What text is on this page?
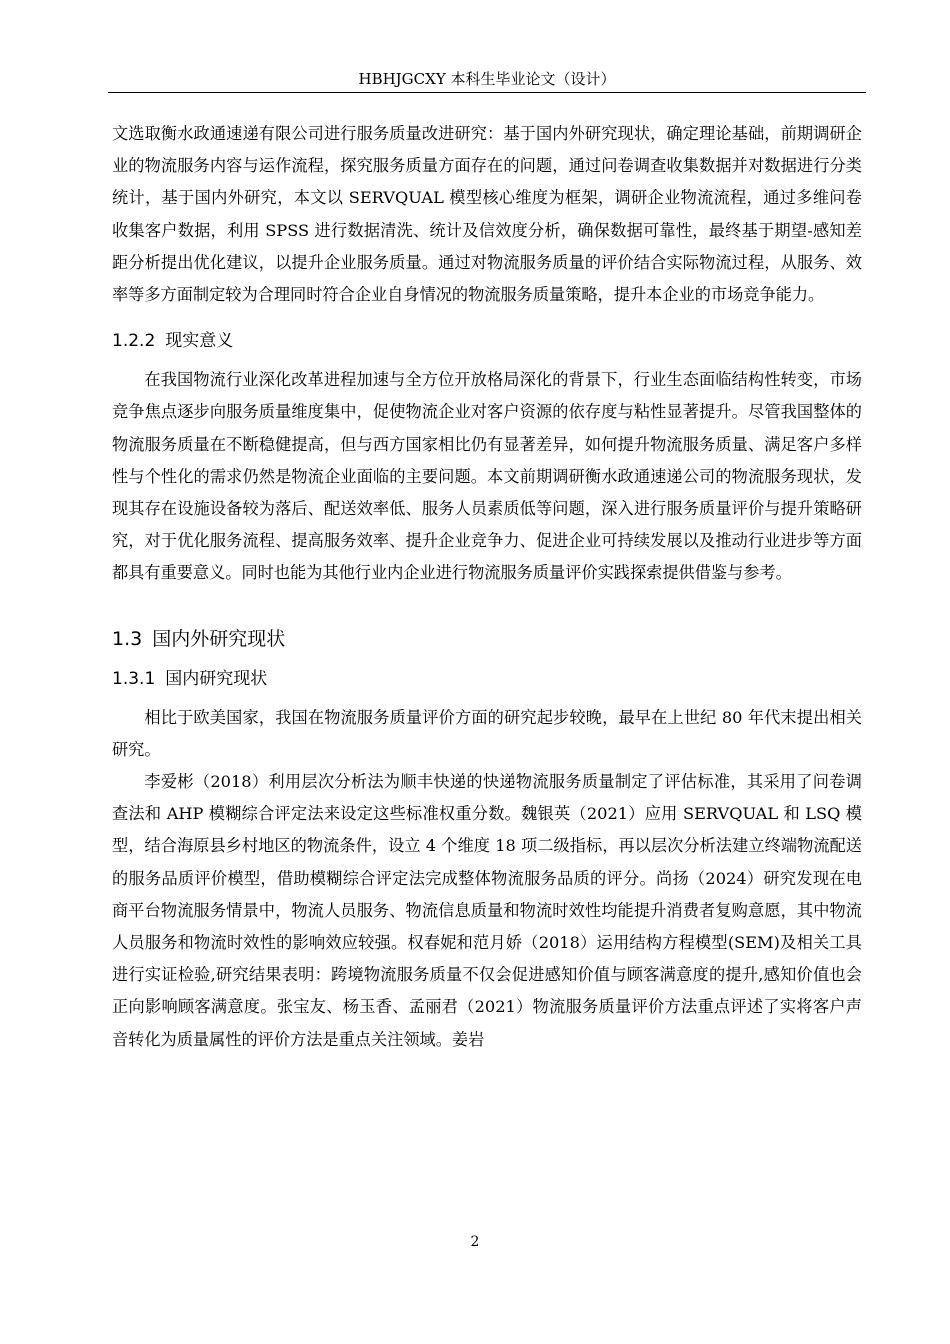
HBHJGCXY 本科生毕业论文（设计）

文选取衡水政通速递有限公司进行服务质量改进研究：基于国内外研究现状，确定理论基础，前期调研企业的物流服务内容与运作流程，探究服务质量方面存在的问题，通过问卷调查收集数据并对数据进行分类统计，基于国内外研究，本文以 SERVQUAL 模型核心维度为框架，调研企业物流流程，通过多维问卷收集客户数据，利用 SPSS 进行数据清洗、统计及信效度分析，确保数据可靠性，最终基于期望-感知差距分析提出优化建议，以提升企业服务质量。通过对物流服务质量的评价结合实际物流过程，从服务、效率等多方面制定较为合理同时符合企业自身情况的物流服务质量策略，提升本企业的市场竞争能力。

1.2.2 现实意义

在我国物流行业深化改革进程加速与全方位开放格局深化的背景下，行业生态面临结构性转变，市场竞争焦点逐步向服务质量维度集中，促使物流企业对客户资源的依存度与粘性显著提升。尽管我国整体的物流服务质量在不断稳健提高，但与西方国家相比仍有显著差异，如何提升物流服务质量、满足客户多样性与个性化的需求仍然是物流企业面临的主要问题。本文前期调研衡水政通速递公司的物流服务现状，发现其存在设施设备较为落后、配送效率低、服务人员素质低等问题，深入进行服务质量评价与提升策略研究，对于优化服务流程、提高服务效率、提升企业竞争力、促进企业可持续发展以及推动行业进步等方面都具有重要意义。同时也能为其他行业内企业进行物流服务质量评价实践探索提供借鉴与参考。

1.3 国内外研究现状
1.3.1 国内研究现状

相比于欧美国家，我国在物流服务质量评价方面的研究起步较晚，最早在上世纪 80 年代末提出相关研究。

李爱彬（2018）利用层次分析法为顺丰快递的快递物流服务质量制定了评估标准，其采用了问卷调查法和 AHP 模糊综合评定法来设定这些标准权重分数。魏银英（2021）应用 SERVQUAL 和 LSQ 模型，结合海原县乡村地区的物流条件，设立 4 个维度 18 项二级指标，再以层次分析法建立终端物流配送的服务品质评价模型，借助模糊综合评定法完成整体物流服务品质的评分。尚扬（2024）研究发现在电商平台物流服务情景中，物流人员服务、物流信息质量和物流时效性均能提升消费者复购意愿，其中物流人员服务和物流时效性的影响效应较强。权春妮和范月娇（2018）运用结构方程模型(SEM)及相关工具进行实证检验,研究结果表明：跨境物流服务质量不仅会促进感知价值与顾客满意度的提升,感知价值也会正向影响顾客满意度。张宝友、杨玉香、孟丽君（2021）物流服务质量评价方法重点评述了实将客户声音转化为质量属性的评价方法是重点关注领域。姜岩

2
